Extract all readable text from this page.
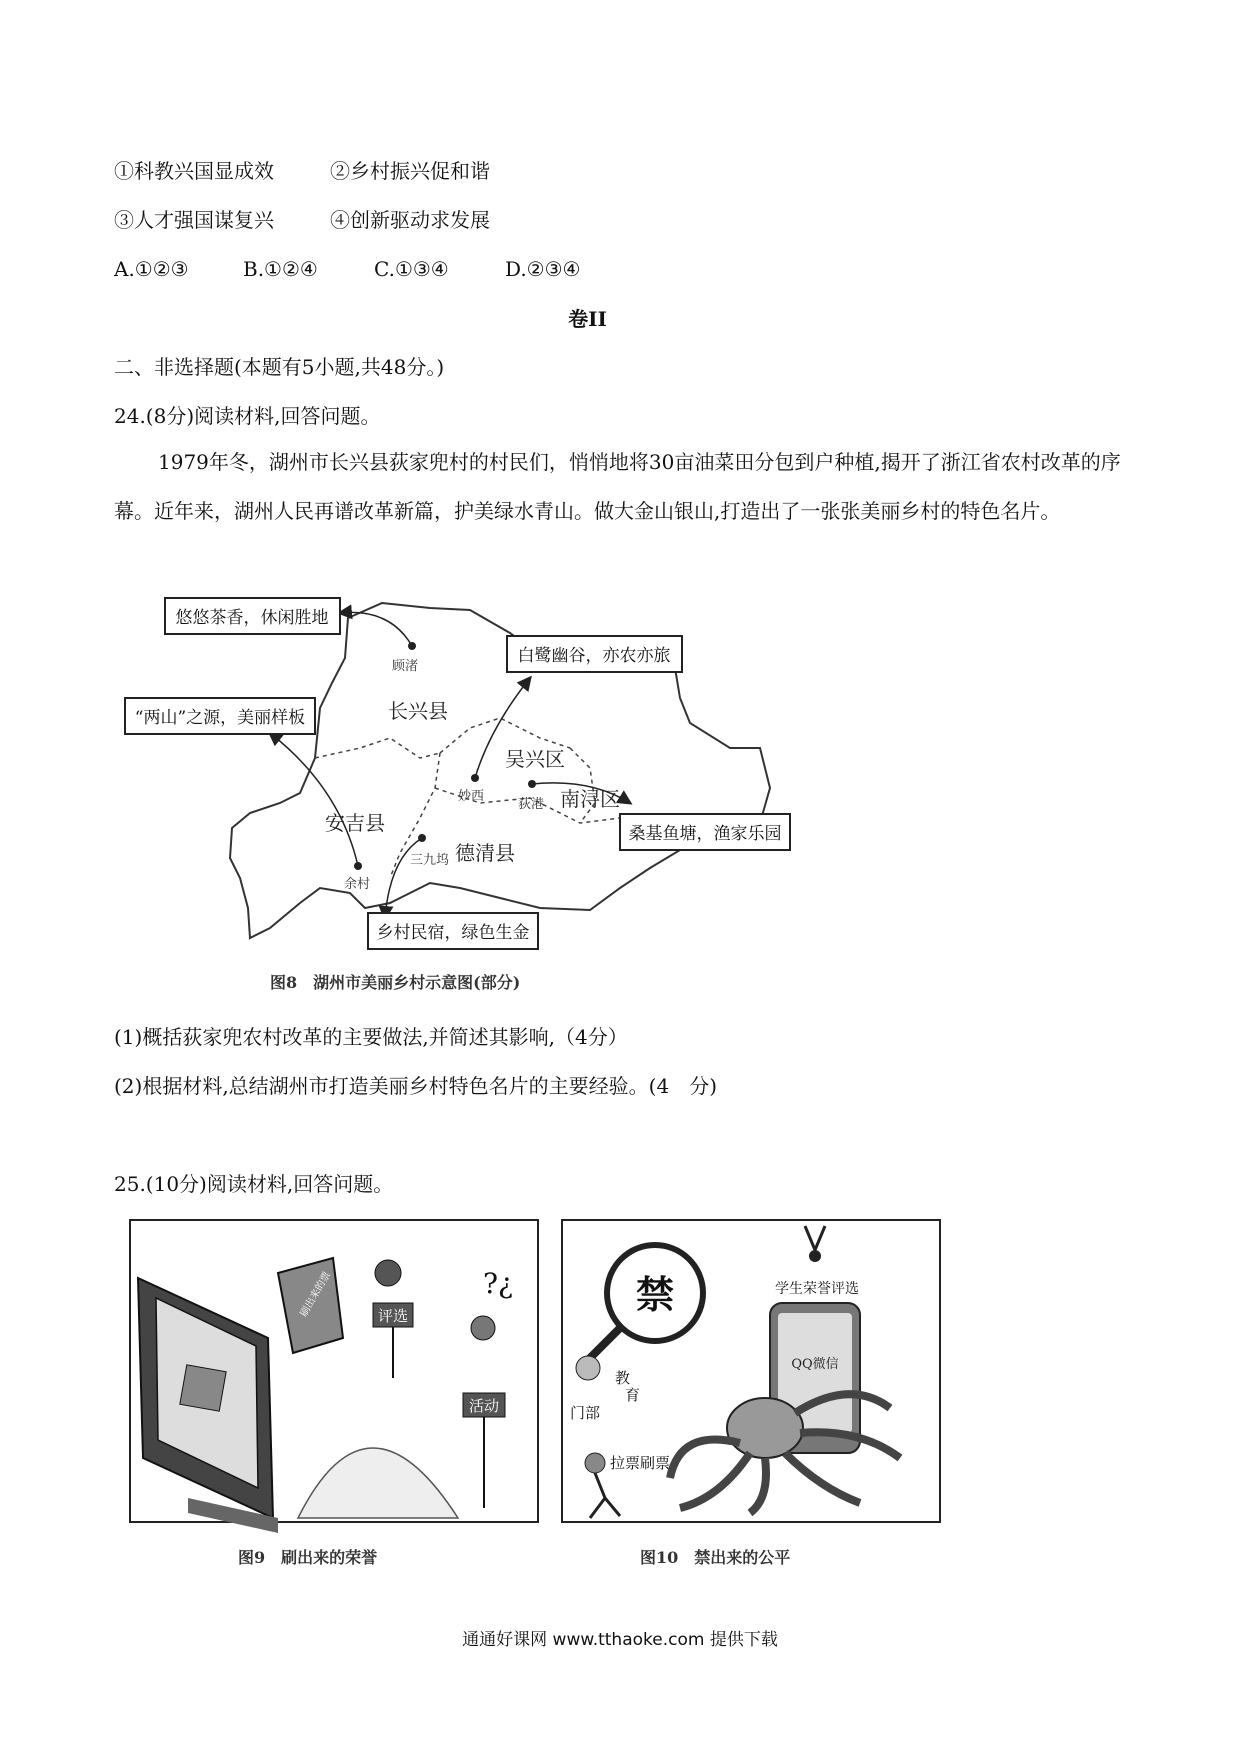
①科教兴国显成效	②乡村振兴促和谐
③人才强国谋复兴	④创新驱动求发展
A.①②③	B.①②④	C.①③④	D.②③④
卷II
二、非选择题(本题有5小题,共48分。)
24.(8分)阅读材料,回答问题。
1979年冬，湖州市长兴县荻家兜村的村民们，悄悄地将30亩油菜田分包到户种植,揭开了浙江省农村改革的序幕。近年来，湖州人民再谱改革新篇，护美绿水青山。做大金山银山,打造出了一张张美丽乡村的特色名片。
长兴县
吴兴区
南浔区
安吉县
德清县
顾渚
妙西
荻港
余村
三九坞
悠悠茶香，休闲胜地
白鹭幽谷，亦农亦旅
“两山”之源，美丽样板
桑基鱼塘，渔家乐园
乡村民宿，绿色生金
图8　湖州市美丽乡村示意图(部分)
(1)概括荻家兜农村改革的主要做法,并简述其影响,（4分）
(2)根据材料,总结湖州市打造美丽乡村特色名片的主要经验。(4　分)
25.(10分)阅读材料,回答问题。
刷出来的票	评选
?¿
活动
图9　刷出来的荣誉
禁
教
育
门部
学生荣誉评选
QQ微信
拉票刷票
图10　禁出来的公平
通通好课网 www.tthaoke.com 提供下载
